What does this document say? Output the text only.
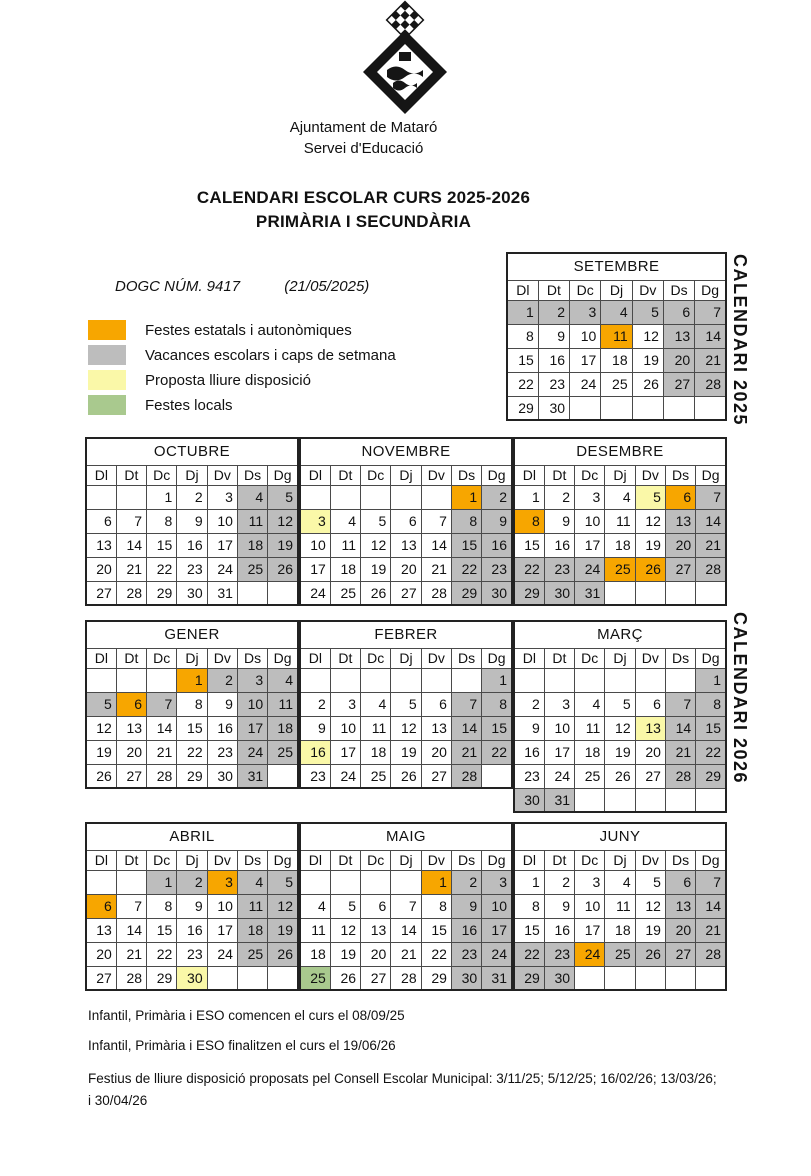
Ajuntament de Mataró
Servei d'Educació
CALENDARI ESCOLAR CURS 2025-2026
PRIMÀRIA I SECUNDÀRIA
DOGC NÚM. 9417	(21/05/2025)
Festes estatals i autonòmiques
Vacances escolars i caps de setmana
Proposta lliure disposició
Festes locals	CALENDARI 2025
CALENDARI 2026
SETEMBRE						
Dl	Dt	Dc	Dj	Dv	Ds	Dg
1	2	3	4	5	6	7
8	9	10	11	12	13	14
15	16	17	18	19	20	21
22	23	24	25	26	27	28
29	30					
OCTUBRE						
Dl	Dt	Dc	Dj	Dv	Ds	Dg
		1	2	3	4	5
6	7	8	9	10	11	12
13	14	15	16	17	18	19
20	21	22	23	24	25	26
27	28	29	30	31		
NOVEMBRE						
Dl	Dt	Dc	Dj	Dv	Ds	Dg
					1	2
3	4	5	6	7	8	9
10	11	12	13	14	15	16
17	18	19	20	21	22	23
24	25	26	27	28	29	30
DESEMBRE						
Dl	Dt	Dc	Dj	Dv	Ds	Dg
1	2	3	4	5	6	7
8	9	10	11	12	13	14
15	16	17	18	19	20	21
22	23	24	25	26	27	28
29	30	31				
GENER						
Dl	Dt	Dc	Dj	Dv	Ds	Dg
			1	2	3	4
5	6	7	8	9	10	11
12	13	14	15	16	17	18
19	20	21	22	23	24	25
26	27	28	29	30	31	
FEBRER						
Dl	Dt	Dc	Dj	Dv	Ds	Dg
						1
2	3	4	5	6	7	8
9	10	11	12	13	14	15
16	17	18	19	20	21	22
23	24	25	26	27	28	
MARÇ						
Dl	Dt	Dc	Dj	Dv	Ds	Dg
						1
2	3	4	5	6	7	8
9	10	11	12	13	14	15
16	17	18	19	20	21	22
23	24	25	26	27	28	29
30	31					
ABRIL						
Dl	Dt	Dc	Dj	Dv	Ds	Dg
		1	2	3	4	5
6	7	8	9	10	11	12
13	14	15	16	17	18	19
20	21	22	23	24	25	26
27	28	29	30			
MAIG						
Dl	Dt	Dc	Dj	Dv	Ds	Dg
				1	2	3
4	5	6	7	8	9	10
11	12	13	14	15	16	17
18	19	20	21	22	23	24
25	26	27	28	29	30	31
JUNY						
Dl	Dt	Dc	Dj	Dv	Ds	Dg
1	2	3	4	5	6	7
8	9	10	11	12	13	14
15	16	17	18	19	20	21
22	23	24	25	26	27	28
29	30					
Infantil, Primària i ESO comencen el curs el 08/09/25
Infantil, Primària i ESO finalitzen el curs el 19/06/26
Festius de lliure disposició proposats pel Consell Escolar Municipal: 3/11/25; 5/12/25; 16/02/26; 13/03/26; i 30/04/26
